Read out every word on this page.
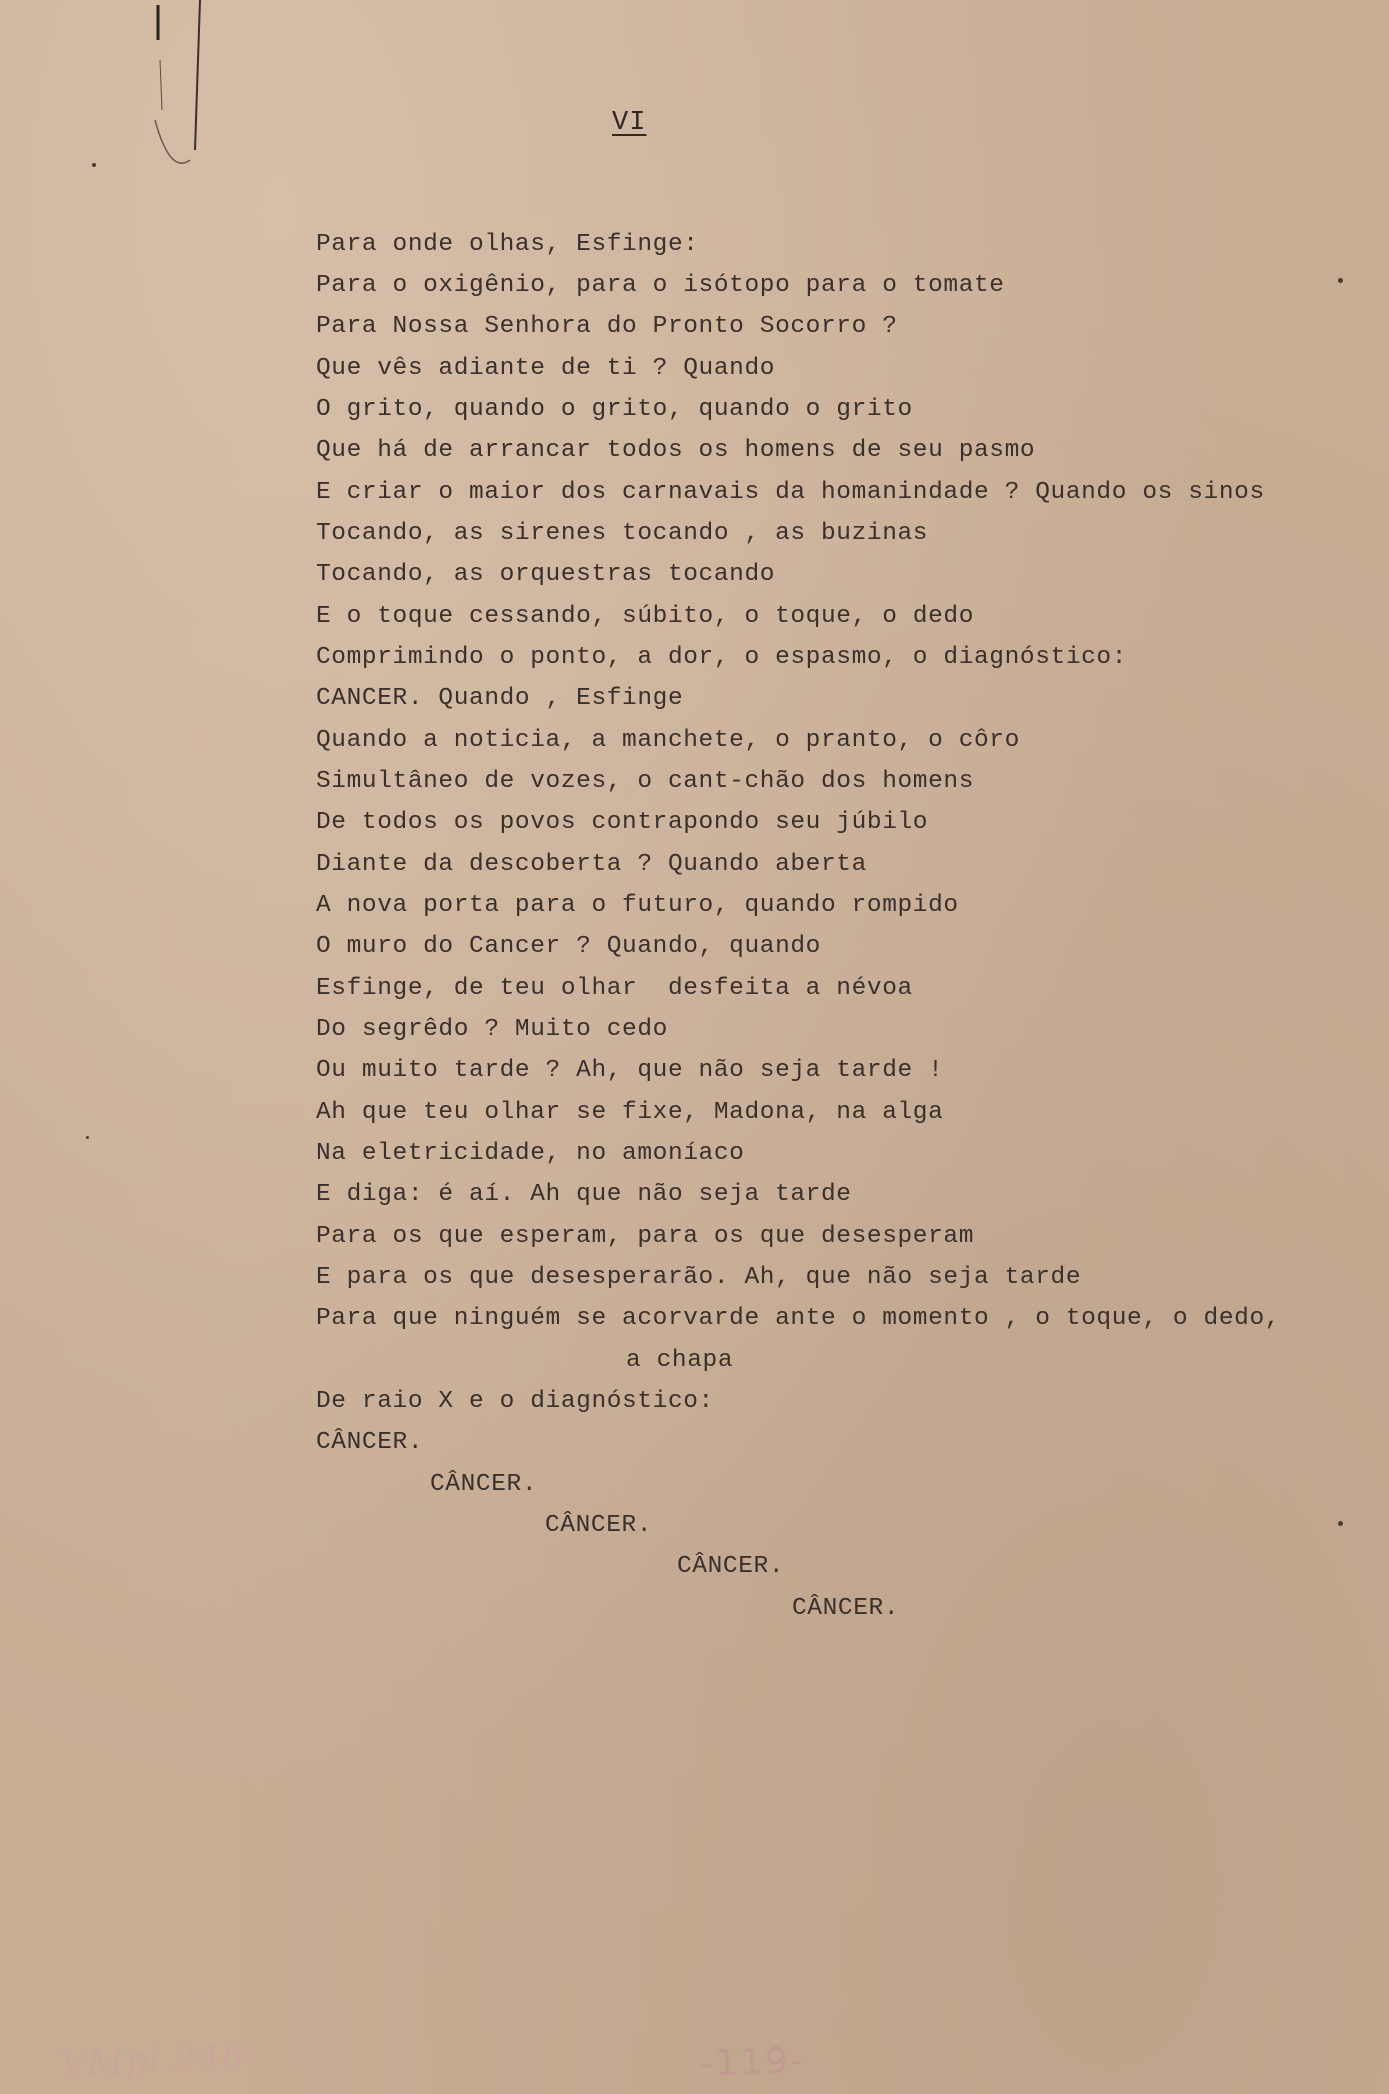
VI
Para onde olhas, Esfinge:
Para o oxigênio, para o isótopo para o tomate
Para Nossa Senhora do Pronto Socorro ?
Que vês adiante de ti ? Quando
O grito, quando o grito, quando o grito
Que há de arrancar todos os homens de seu pasmo
E criar o maior dos carnavais da homanindade ? Quando os sinos
Tocando, as sirenes tocando , as buzinas
Tocando, as orquestras tocando
E o toque cessando, súbito, o toque, o dedo
Comprimindo o ponto, a dor, o espasmo, o diagnóstico:
CANCER. Quando , Esfinge
Quando a noticia, a manchete, o pranto, o côro
Simultâneo de vozes, o cant-chão dos homens
De todos os povos contrapondo seu júbilo
Diante da descoberta ? Quando aberta
A nova porta para o futuro, quando rompido
O muro do Cancer ? Quando, quando
Esfinge, de teu olhar  desfeita a névoa
Do segrêdo ? Muito cedo
Ou muito tarde ? Ah, que não seja tarde !
Ah que teu olhar se fixe, Madona, na alga
Na eletricidade, no amoníaco
E diga: é aí. Ah que não seja tarde
Para os que esperam, para os que desesperam
E para os que desesperarão. Ah, que não seja tarde
Para que ninguém se acorvarde ante o momento , o toque, o dedo,
a chapa
De raio X e o diagnóstico:
CÂNCER.
CÂNCER.
CÂNCER.
CÂNCER.
CÂNCER.
VMpi 248	-119-
